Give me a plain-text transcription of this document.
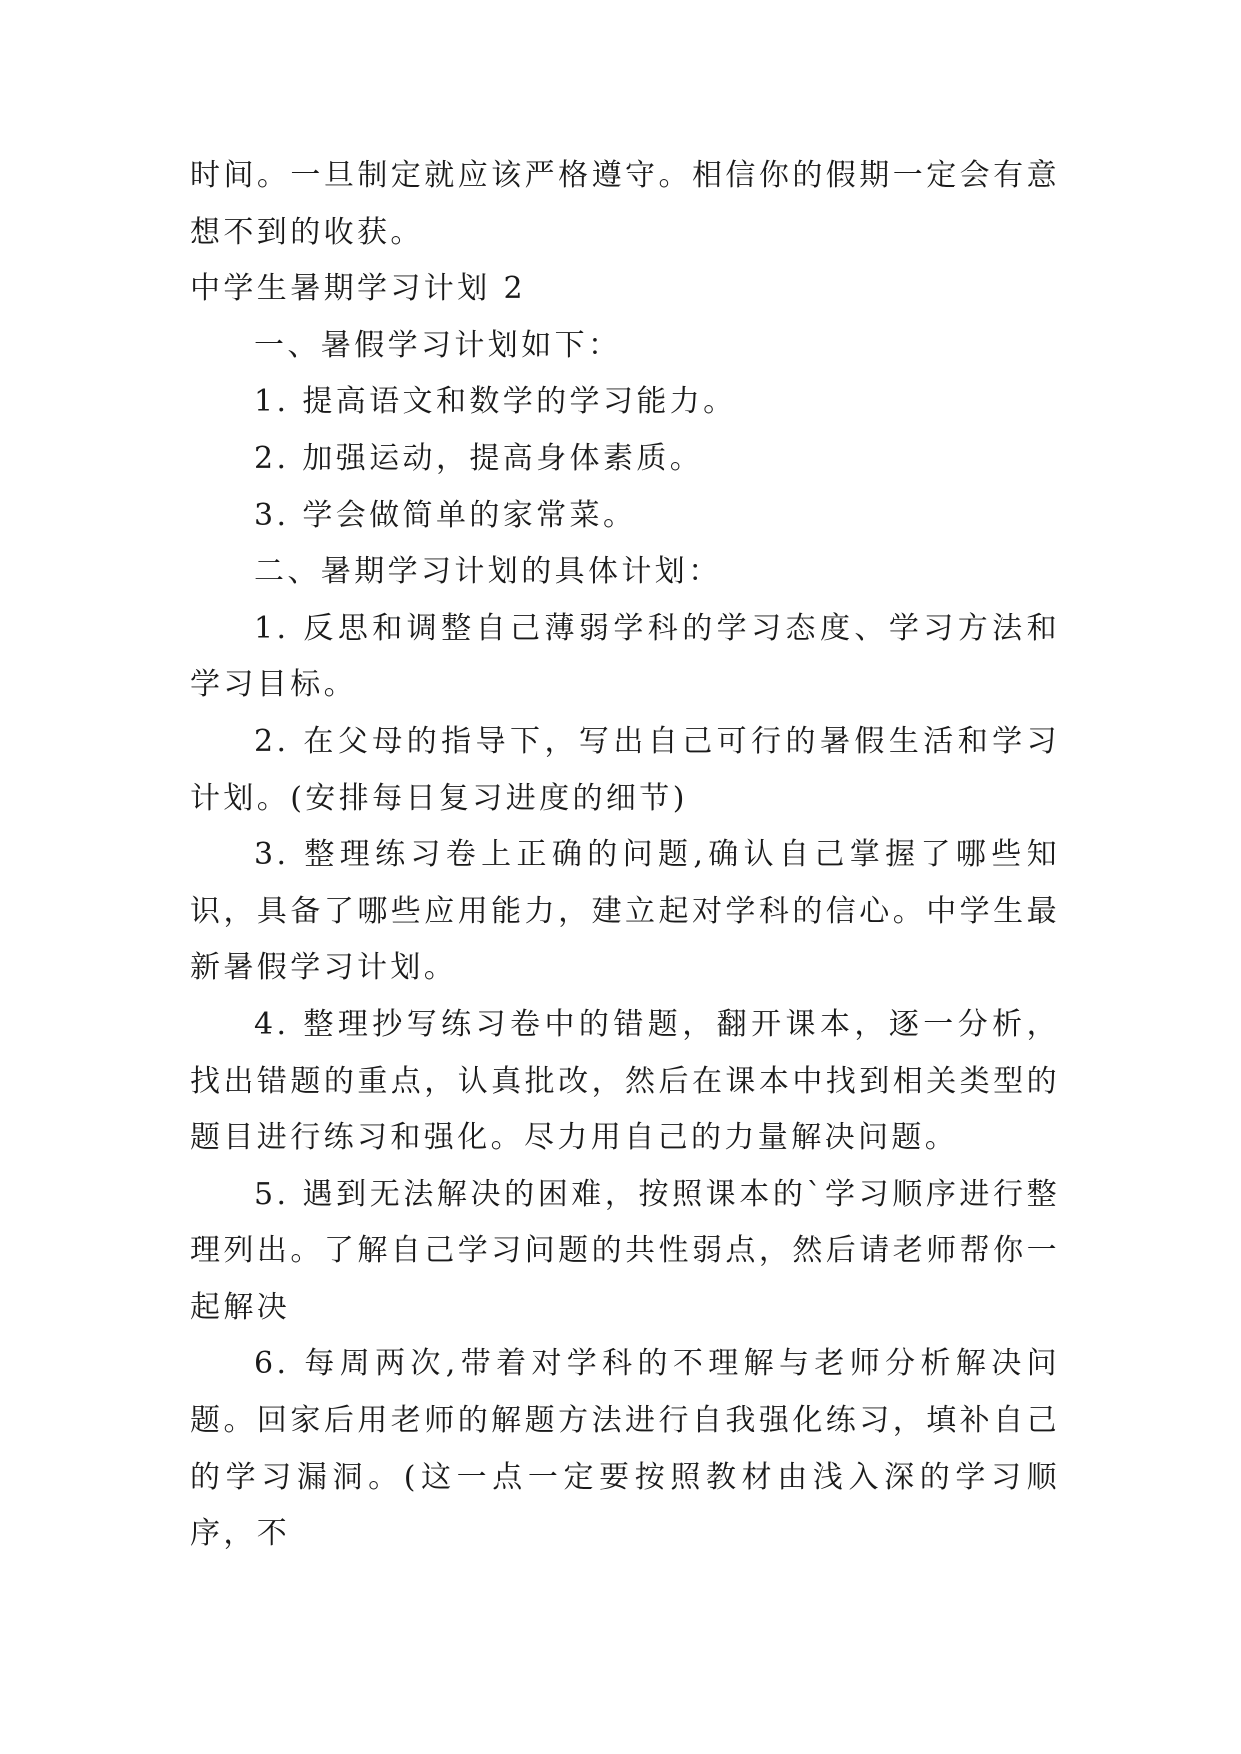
时间。一旦制定就应该严格遵守。相信你的假期一定会有意想不到的收获。

中学生暑期学习计划 2

一、暑假学习计划如下：

1. 提高语文和数学的学习能力。

2. 加强运动，提高身体素质。

3. 学会做简单的家常菜。

二、暑期学习计划的具体计划：

1. 反思和调整自己薄弱学科的学习态度、学习方法和学习目标。

2. 在父母的指导下，写出自己可行的暑假生活和学习计划。(安排每日复习进度的细节)

3. 整理练习卷上正确的问题,确认自己掌握了哪些知识，具备了哪些应用能力，建立起对学科的信心。中学生最新暑假学习计划。

4. 整理抄写练习卷中的错题，翻开课本，逐一分析，找出错题的重点，认真批改，然后在课本中找到相关类型的题目进行练习和强化。尽力用自己的力量解决问题。

5. 遇到无法解决的困难，按照课本的`学习顺序进行整理列出。了解自己学习问题的共性弱点，然后请老师帮你一起解决

6. 每周两次,带着对学科的不理解与老师分析解决问题。回家后用老师的解题方法进行自我强化练习，填补自己的学习漏洞。(这一点一定要按照教材由浅入深的学习顺序，不
